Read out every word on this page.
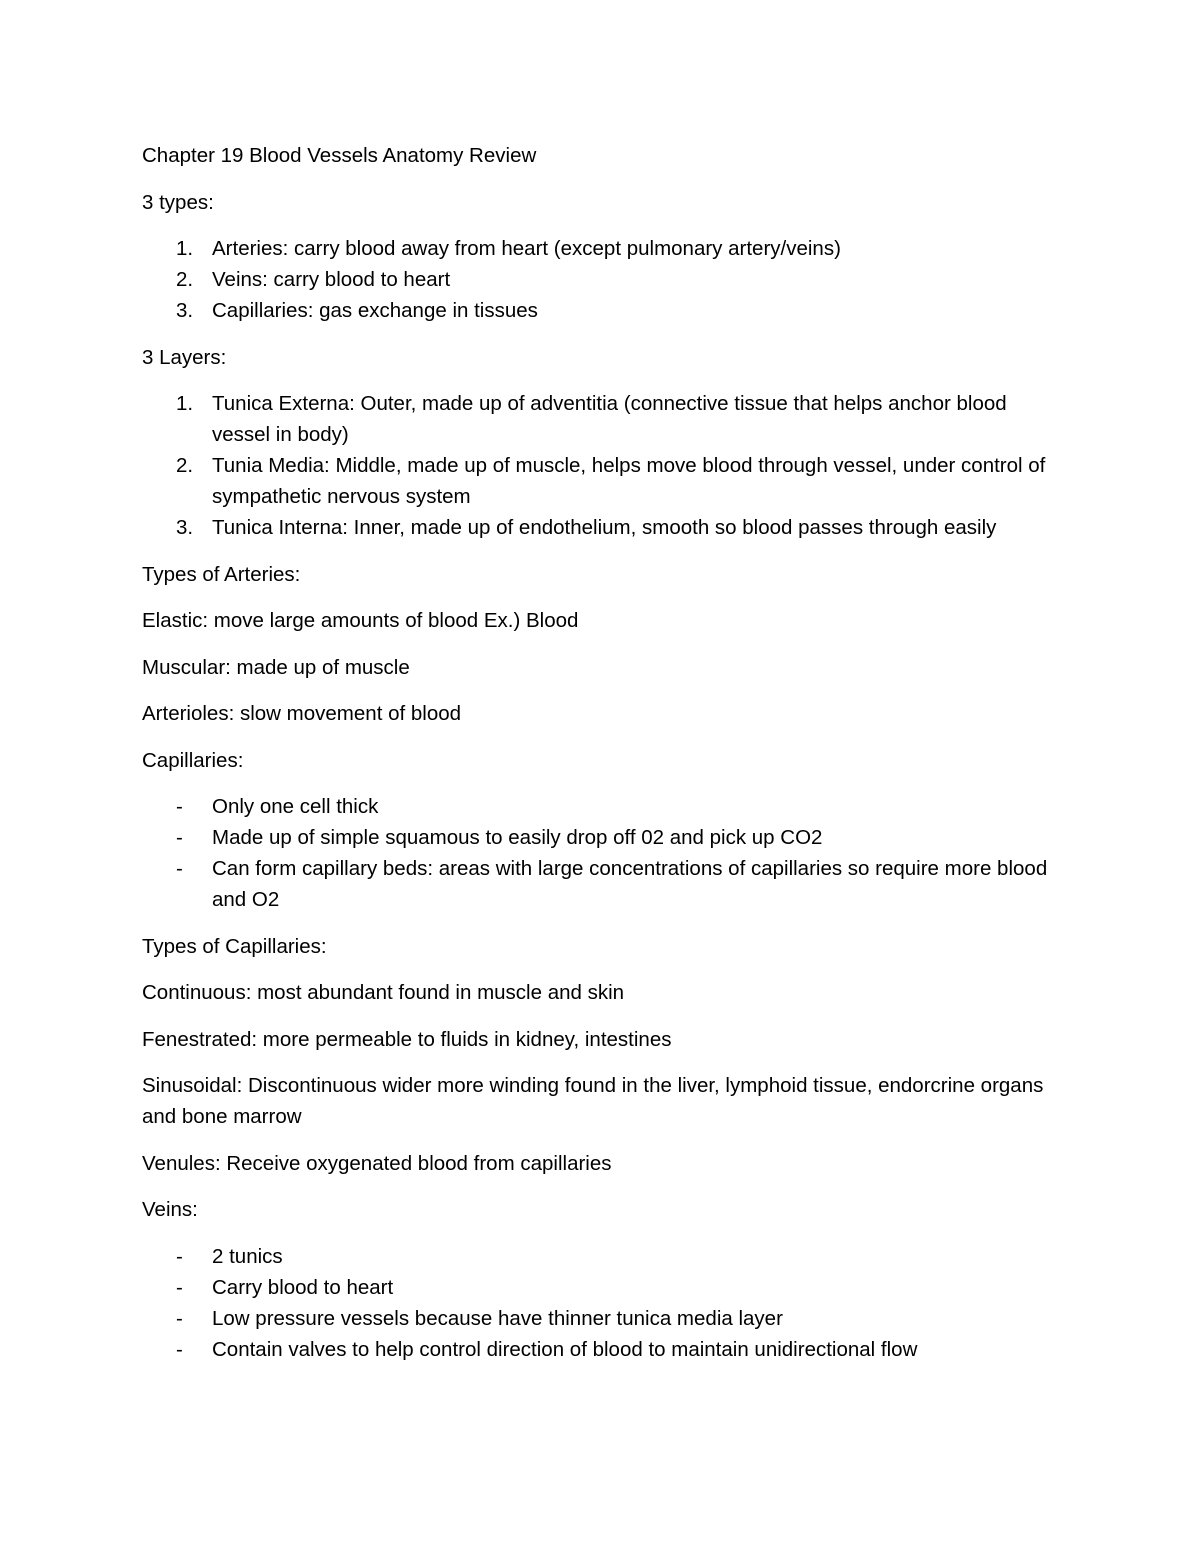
Chapter 19 Blood Vessels Anatomy Review

3 types:

1. Arteries: carry blood away from heart (except pulmonary artery/veins)
2. Veins: carry blood to heart
3. Capillaries: gas exchange in tissues

3 Layers:

1. Tunica Externa: Outer, made up of adventitia (connective tissue that helps anchor blood vessel in body)
2. Tunia Media: Middle, made up of muscle, helps move blood through vessel, under control of sympathetic nervous system
3. Tunica Interna: Inner, made up of endothelium, smooth so blood passes through easily

Types of Arteries:

Elastic: move large amounts of blood Ex.) Blood

Muscular: made up of muscle

Arterioles: slow movement of blood

Capillaries:

- Only one cell thick
- Made up of simple squamous to easily drop off 02 and pick up CO2
- Can form capillary beds: areas with large concentrations of capillaries so require more blood and O2

Types of Capillaries:

Continuous: most abundant found in muscle and skin

Fenestrated: more permeable to fluids in kidney, intestines

Sinusoidal: Discontinuous wider more winding found in the liver, lymphoid tissue, endorcrine organs and bone marrow

Venules: Receive oxygenated blood from capillaries

Veins:

- 2 tunics
- Carry blood to heart
- Low pressure vessels because have thinner tunica media layer
- Contain valves to help control direction of blood to maintain unidirectional flow
